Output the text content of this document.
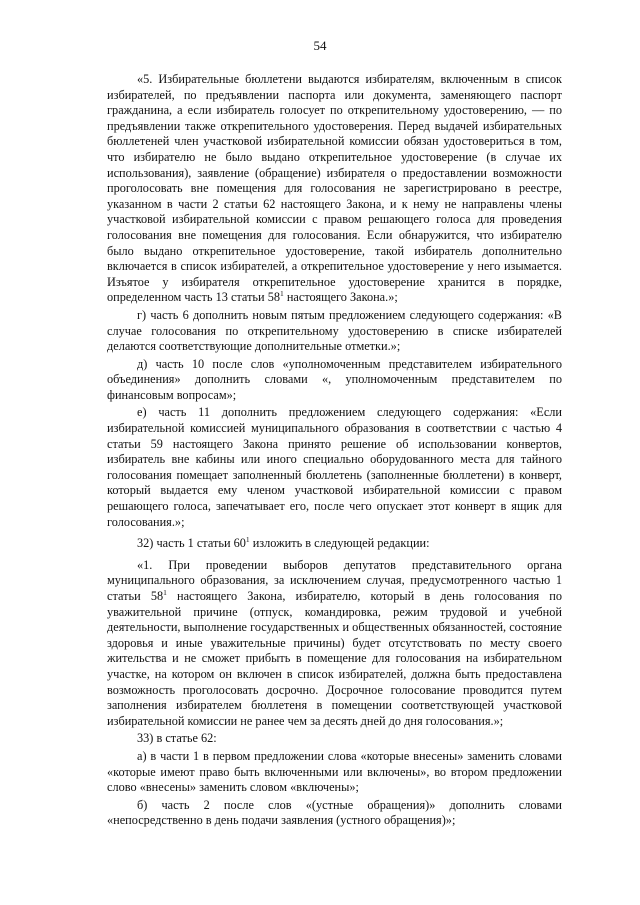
54

«5. Избирательные бюллетени выдаются избирателям, включенным в список избирателей, по предъявлении паспорта или документа, заменяющего паспорт гражданина, а если избиратель голосует по открепительному удостоверению, — по предъявлении также открепительного удостоверения. Перед выдачей избирательных бюллетеней член участковой избирательной комиссии обязан удостовериться в том, что избирателю не было выдано открепительное удостоверение (в случае их использования), заявление (обращение) избирателя о предоставлении возможности проголосовать вне помещения для голосования не зарегистрировано в реестре, указанном в части 2 статьи 62 настоящего Закона, и к нему не направлены члены участковой избирательной комиссии с правом решающего голоса для проведения голосования вне помещения для голосования. Если обнаружится, что избирателю было выдано открепительное удостоверение, такой избиратель дополнительно включается в список избирателей, а открепительное удостоверение у него изымается. Изъятое у избирателя открепительное удостоверение хранится в порядке, определенном часть 13 статьи $58^1$ настоящего Закона.»;

г) часть 6 дополнить новым пятым предложением следующего содержания: «В случае голосования по открепительному удостоверению в списке избирателей делаются соответствующие дополнительные отметки.»;

д) часть 10 после слов «уполномоченным представителем избирательного объединения» дополнить словами «, уполномоченным представителем по финансовым вопросам»;

е) часть 11 дополнить предложением следующего содержания: «Если избирательной комиссией муниципального образования в соответствии с частью 4 статьи 59 настоящего Закона принято решение об использовании конвертов, избиратель вне кабины или иного специально оборудованного места для тайного голосования помещает заполненный бюллетень (заполненные бюллетени) в конверт, который выдается ему членом участковой избирательной комиссии с правом решающего голоса, запечатывает его, после чего опускает этот конверт в ящик для голосования.»;

32) часть 1 статьи $60^1$ изложить в следующей редакции:

«1. При проведении выборов депутатов представительного органа муниципального образования, за исключением случая, предусмотренного частью 1 статьи $58^1$ настоящего Закона, избирателю, который в день голосования по уважительной причине (отпуск, командировка, режим трудовой и учебной деятельности, выполнение государственных и общественных обязанностей, состояние здоровья и иные уважительные причины) будет отсутствовать по месту своего жительства и не сможет прибыть в помещение для голосования на избирательном участке, на котором он включен в список избирателей, должна быть предоставлена возможность проголосовать досрочно. Досрочное голосование проводится путем заполнения избирателем бюллетеня в помещении соответствующей участковой избирательной комиссии не ранее чем за десять дней до дня голосования.»;

33) в статье 62:

а) в части 1 в первом предложении слова «которые внесены» заменить словами «которые имеют право быть включенными или включены», во втором предложении слово «внесены» заменить словом «включены»;

б) часть 2 после слов «(устные обращения)» дополнить словами «непосредственно в день подачи заявления (устного обращения)»;
